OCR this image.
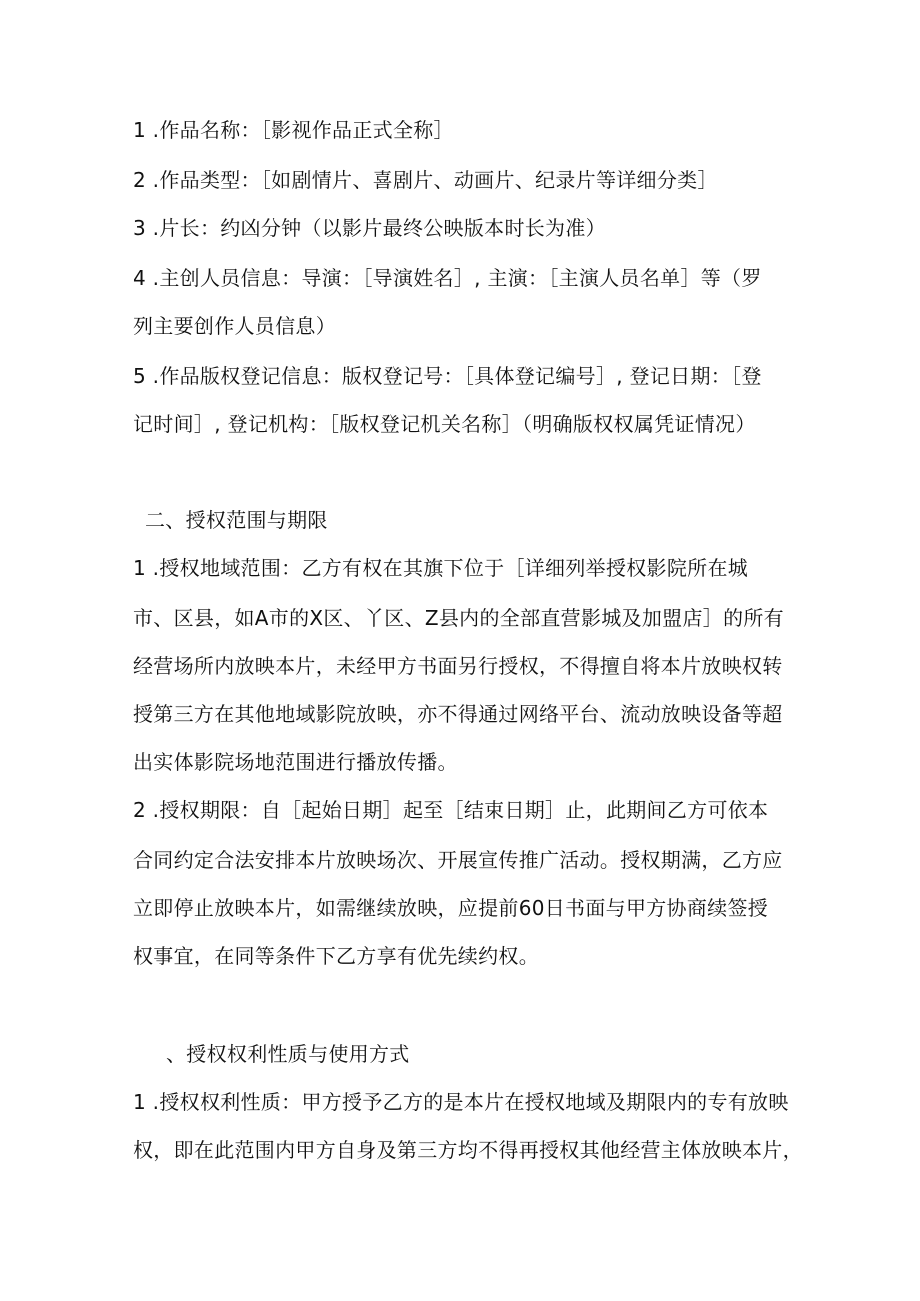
1 .作品名称：［影视作品正式全称］
2 .作品类型：［如剧情片、喜剧片、动画片、纪录片等详细分类］
3 .片长：约凶分钟（以影片最终公映版本时长为准）
4 .主创人员信息：导演：［导演姓名］, 主演：［主演人员名单］等（罗
列主要创作人员信息）
5 .作品版权登记信息：版权登记号：［具体登记编号］, 登记日期：［登
记时间］, 登记机构：［版权登记机关名称］（明确版权权属凭证情况）
二、授权范围与期限
1 .授权地域范围：乙方有权在其旗下位于［详细列举授权影院所在城
市、区县，如A市的X区、丫区、Z县内的全部直营影城及加盟店］的所有
经营场所内放映本片，未经甲方书面另行授权，不得擅自将本片放映权转
授第三方在其他地域影院放映，亦不得通过网络平台、流动放映设备等超
出实体影院场地范围进行播放传播。
2 .授权期限：自［起始日期］起至［结束日期］止，此期间乙方可依本
合同约定合法安排本片放映场次、开展宣传推广活动。授权期满，乙方应
立即停止放映本片，如需继续放映，应提前60日书面与甲方协商续签授
权事宜，在同等条件下乙方享有优先续约权。
、授权权利性质与使用方式
1 .授权权利性质：甲方授予乙方的是本片在授权地域及期限内的专有放映
权，即在此范围内甲方自身及第三方均不得再授权其他经营主体放映本片，
